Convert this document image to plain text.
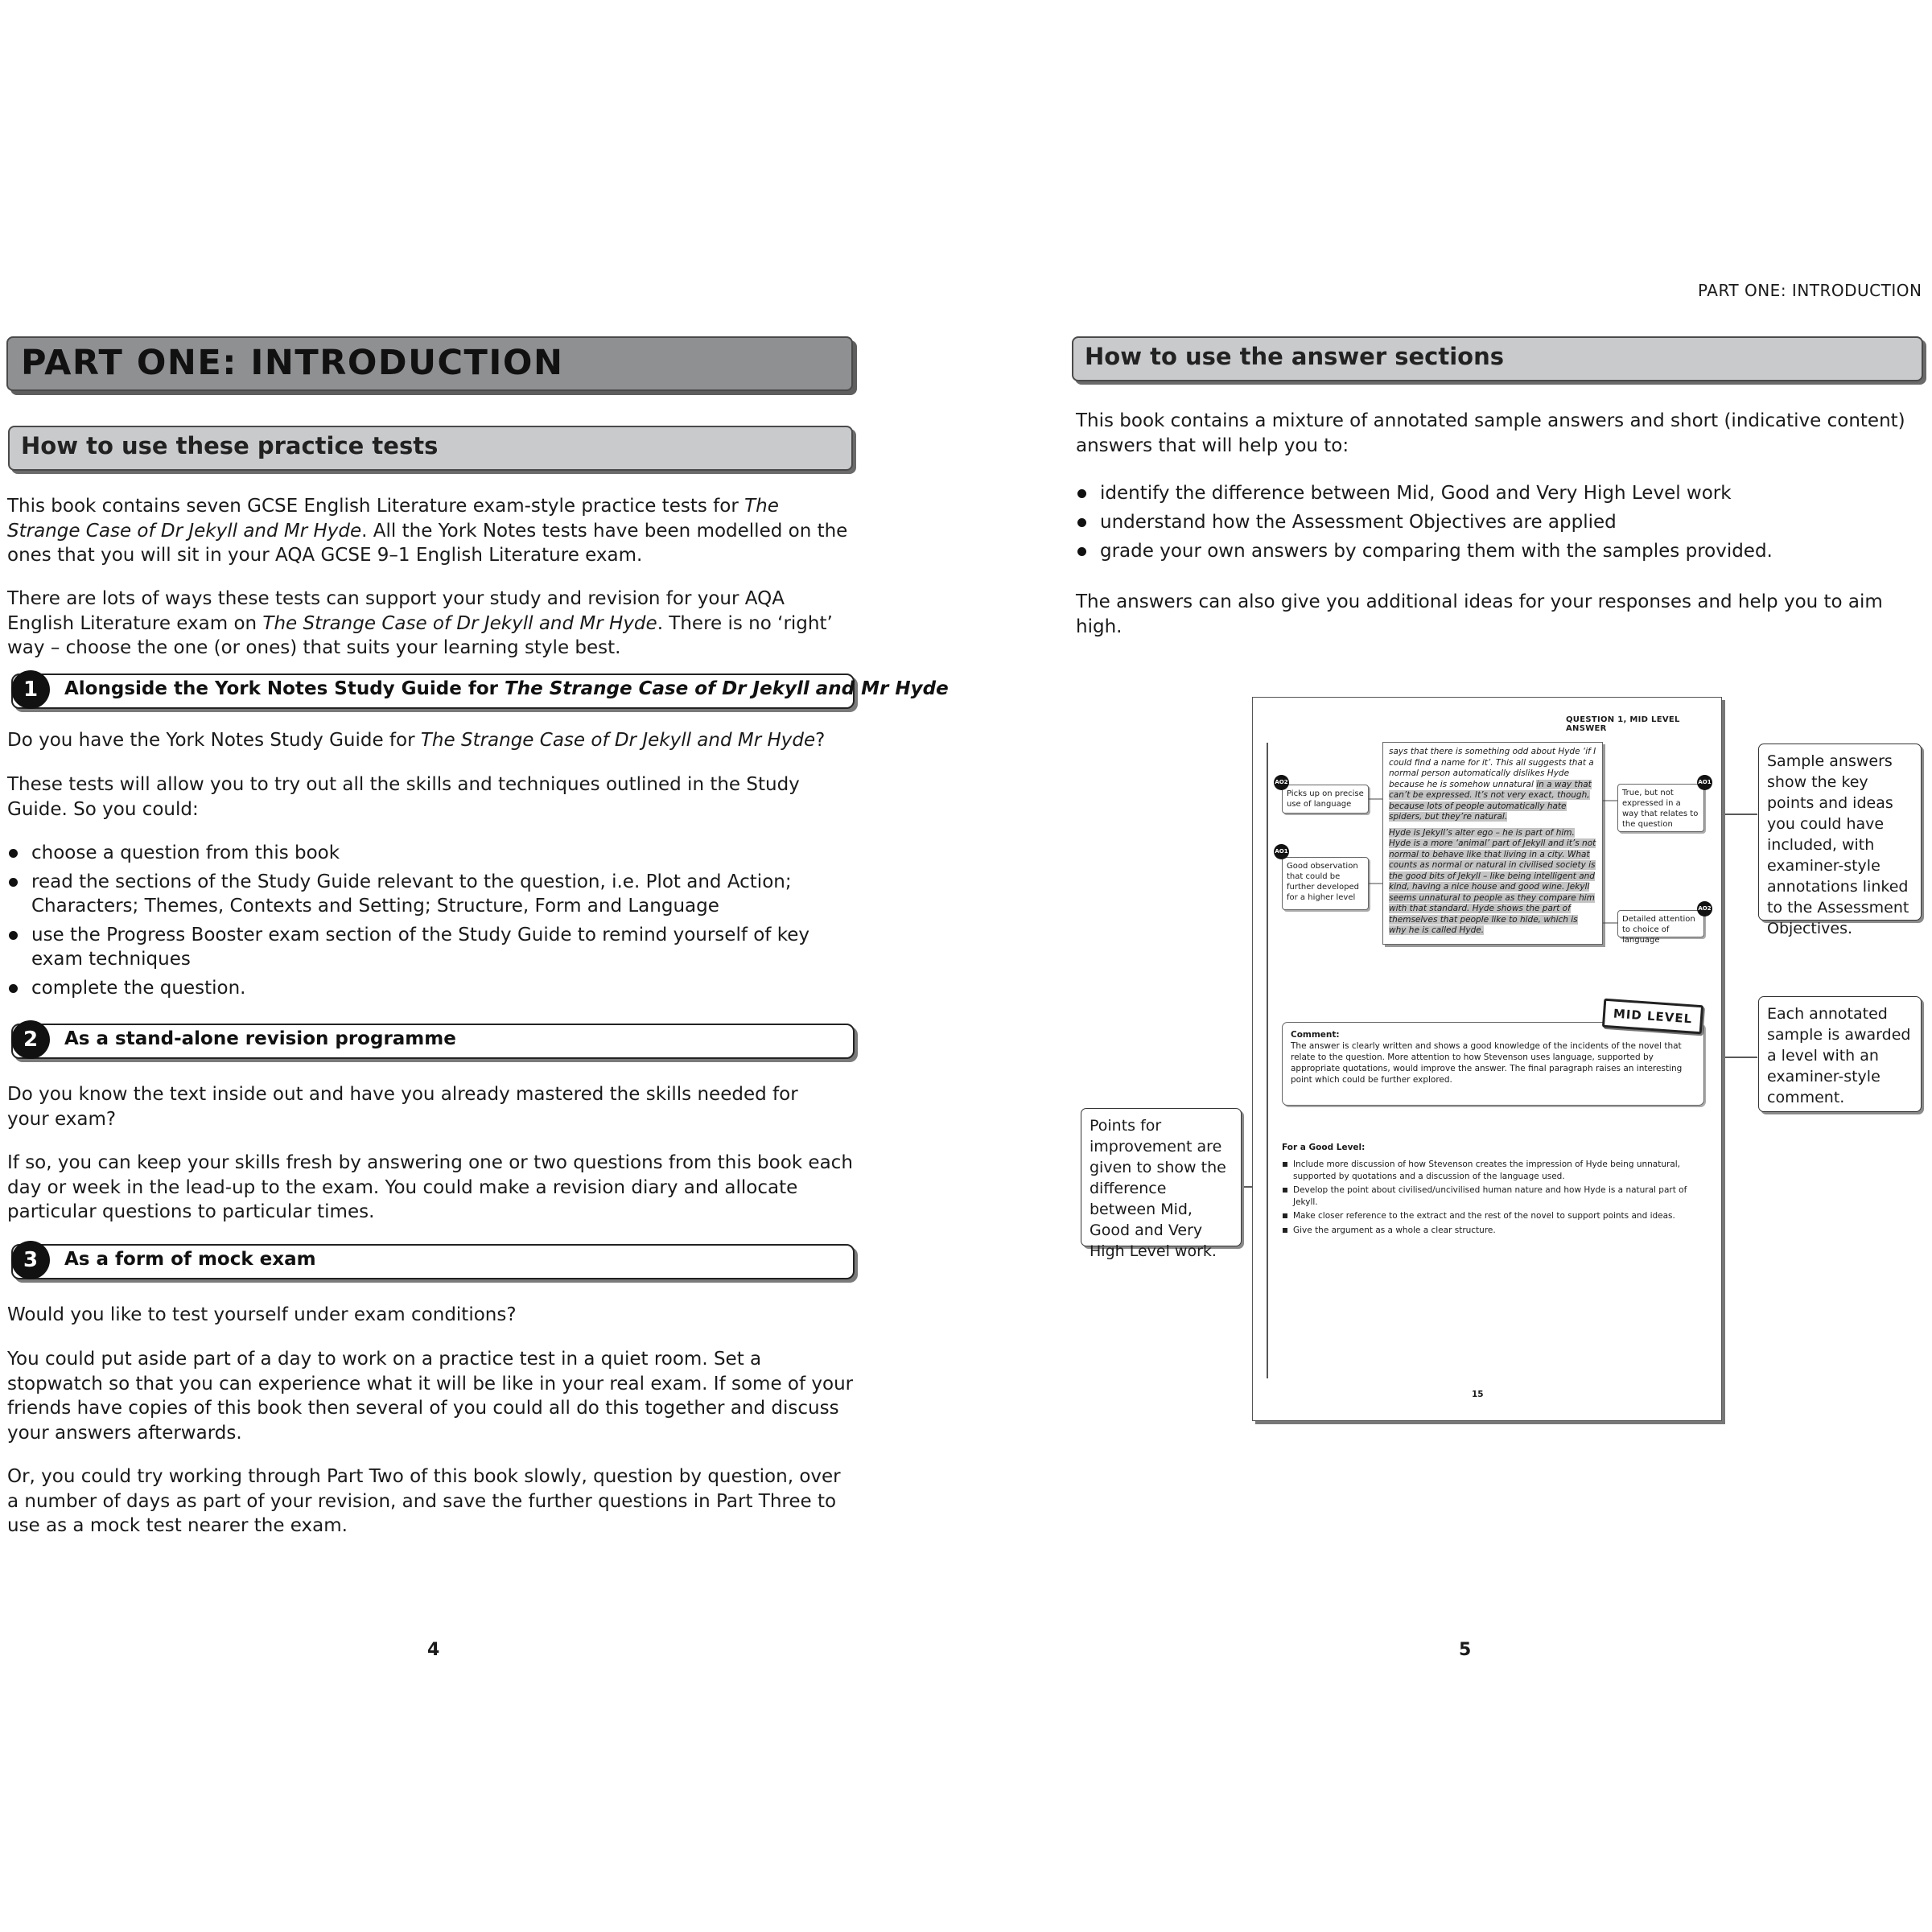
PART ONE: INTRODUCTION
How to use these practice tests

This book contains seven GCSE English Literature exam-style practice tests for The Strange Case of Dr Jekyll and Mr Hyde. All the York Notes tests have been modelled on the ones that you will sit in your AQA GCSE 9–1 English Literature exam.

There are lots of ways these tests can support your study and revision for your AQA English Literature exam on The Strange Case of Dr Jekyll and Mr Hyde. There is no ‘right’ way – choose the one (or ones) that suits your learning style best.

1	Alongside the York Notes Study Guide for The Strange Case of Dr Jekyll and Mr Hyde

Do you have the York Notes Study Guide for The Strange Case of Dr Jekyll and Mr Hyde?

These tests will allow you to try out all the skills and techniques outlined in the Study Guide. So you could:

choose a question from this book
read the sections of the Study Guide relevant to the question, i.e. Plot and Action; Characters; Themes, Contexts and Setting; Structure, Form and Language
use the Progress Booster exam section of the Study Guide to remind yourself of key exam techniques
complete the question.
2	As a stand-alone revision programme

Do you know the text inside out and have you already mastered the skills needed for your exam?

If so, you can keep your skills fresh by answering one or two questions from this book each day or week in the lead-up to the exam. You could make a revision diary and allocate particular questions to particular times.

3	As a form of mock exam

Would you like to test yourself under exam conditions?

You could put aside part of a day to work on a practice test in a quiet room. Set a stopwatch so that you can experience what it will be like in your real exam. If some of your friends have copies of this book then several of you could all do this together and discuss your answers afterwards.

Or, you could try working through Part Two of this book slowly, question by question, over a number of days as part of your revision, and save the further questions in Part Three to use as a mock test nearer the exam.

4
PART ONE: INTRODUCTION
How to use the answer sections

This book contains a mixture of annotated sample answers and short (indicative content) answers that will help you to:

identify the difference between Mid, Good and Very High Level work
understand how the Assessment Objectives are applied
grade your own answers by comparing them with the samples provided.

The answers can also give you additional ideas for your responses and help you to aim high.

Sample answers show the key points and ideas you could have included, with examiner-style annotations linked to the Assessment Objectives.
Each annotated sample is awarded a level with an examiner-style comment.
Points for improvement are given to show the difference between Mid, Good and Very High Level work.
QUESTION 1, MID LEVEL ANSWER
says that there is something odd about Hyde ‘if I could find a name for it’. This all suggests that a normal person automatically dislikes Hyde because he is somehow unnatural in a way that can’t be expressed. It’s not very exact, though, because lots of people automatically hate spiders, but they’re natural.
Hyde is Jekyll’s alter ego – he is part of him. Hyde is a more ‘animal’ part of Jekyll and it’s not normal to behave like that living in a city. What counts as normal or natural in civilised society is the good bits of Jekyll – like being intelligent and kind, having a nice house and good wine. Jekyll seems unnatural to people as they compare him with that standard. Hyde shows the part of themselves that people like to hide, which is why he is called Hyde.
Picks up on precise use of language
Good observation that could be further developed for a higher level
True, but not expressed in a way that relates to the question
Detailed attention to choice of language
AO2
AO1
AO1
AO2
Comment:
The answer is clearly written and shows a good knowledge of the incidents of the novel that relate to the question. More attention to how Stevenson uses language, supported by appropriate quotations, would improve the answer. The final paragraph raises an interesting point which could be further explored.
MID LEVEL
For a Good Level:
Include more discussion of how Stevenson creates the impression of Hyde being unnatural, supported by quotations and a discussion of the language used.
Develop the point about civilised/uncivilised human nature and how Hyde is a natural part of Jekyll.
Make closer reference to the extract and the rest of the novel to support points and ideas.
Give the argument as a whole a clear structure.
15
5
